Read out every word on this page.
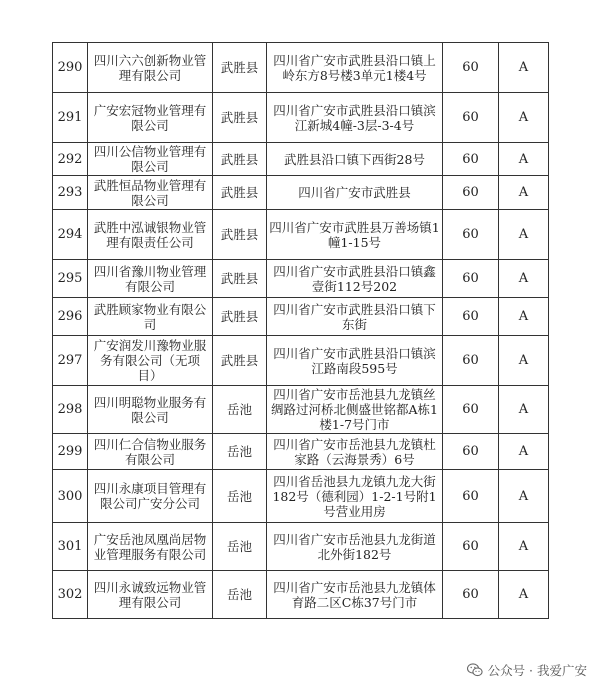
290	四川六六创新物业管理有限公司	武胜县	四川省广安市武胜县沿口镇上岭东方8号楼3单元1楼4号	60	A
291	广安宏冠物业管理有限公司	武胜县	四川省广安市武胜县沿口镇滨江新城4幢-3层-3-4号	60	A
292	四川公信物业管理有限公司	武胜县	武胜县沿口镇下西街28号	60	A
293	武胜恒品物业管理有限公司	武胜县	四川省广安市武胜县	60	A
294	武胜中泓诚银物业管理有限责任公司	武胜县	四川省广安市武胜县万善场镇1幢1-15号	60	A
295	四川省豫川物业管理有限公司	武胜县	四川省广安市武胜县沿口镇鑫壹街112号202	60	A
296	武胜顾家物业有限公司	武胜县	四川省广安市武胜县沿口镇下东街	60	A
297	广安润发川豫物业服务有限公司（无项目）	武胜县	四川省广安市武胜县沿口镇滨江路南段595号	60	A
298	四川明聪物业服务有限公司	岳池	四川省广安市岳池县九龙镇丝绸路过河桥北侧盛世铭都A栋1楼1-7号门市	60	A
299	四川仁合信物业服务有限公司	岳池	四川省广安市岳池县九龙镇杜家路（云海景秀）6号	60	A
300	四川永康项目管理有限公司广安分公司	岳池	四川省岳池县九龙镇九龙大街182号（德利园）1-2-1号附1号营业用房	60	A
301	广安岳池凤凰尚居物业管理服务有限公司	岳池	四川省广安市岳池县九龙街道北外街182号	60	A
302	四川永诚致远物业管理有限公司	岳池	四川省广安市岳池县九龙镇体育路二区C栋37号门市	60	A
公众号 · 我爱广安
